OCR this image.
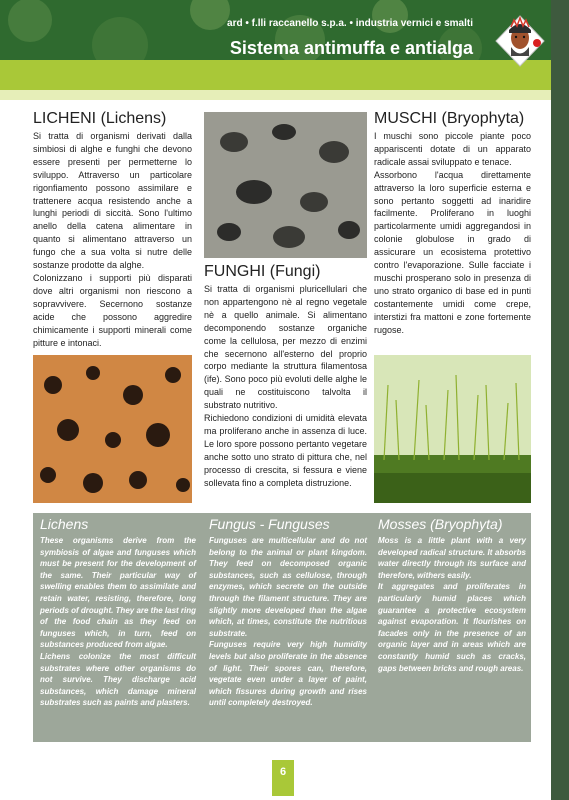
ard • f.lli raccanello s.p.a. • industria vernici e smalti
Sistema antimuffa e antialga
LICHENI (Lichens)

Si tratta di organismi derivati dalla simbiosi di alghe e funghi che devono essere presenti per permetterne lo sviluppo. Attraverso un particolare rigonfiamento possono assimilare e trattenere acqua resistendo anche a lunghi periodi di siccità. Sono l'ultimo anello della catena alimentare in quanto si alimentano attraverso un fungo che a sua volta si nutre delle sostanze prodotte da alghe.

Colonizzano i supporti più disparati dove altri organismi non riescono a sopravvivere. Secernono sostanze acide che possono aggredire chimicamente i supporti minerali come pitture e intonaci.

FUNGHI (Fungi)

Si tratta di organismi pluricellulari che non appartengono nè al regno vegetale nè a quello animale. Si alimentano decomponendo sostanze organiche come la cellulosa, per mezzo di enzimi che secernono all'esterno del proprio corpo mediante la struttura filamentosa (ife). Sono poco più evoluti delle alghe le quali ne costituiscono talvolta il substrato nutritivo.

Richiedono condizioni di umidità elevata ma proliferano anche in assenza di luce. Le loro spore possono pertanto vegetare anche sotto uno strato di pittura che, nel processo di crescita, si fessura e viene sollevata fino a completa distruzione.

MUSCHI (Bryophyta)

I muschi sono piccole piante poco appariscenti dotate di un apparato radicale assai sviluppato e tenace.

Assorbono l'acqua direttamente attraverso la loro superficie esterna e sono pertanto soggetti ad inaridire facilmente. Proliferano in luoghi particolarmente umidi aggregandosi in colonie globulose in grado di assicurare un ecosistema protettivo contro l'evaporazione. Sulle facciate i muschi prosperano solo in presenza di uno strato organico di base ed in punti costantemente umidi come crepe, interstizi fra mattoni e zone fortemente rugose.

Lichens

These organisms derive from the symbiosis of algae and funguses which must be present for the development of the same. Their particular way of swelling enables them to assimilate and retain water, resisting, therefore, long periods of drought. They are the last ring of the food chain as they feed on funguses which, in turn, feed on substances produced from algae.

Lichens colonize the most difficult substrates where other organisms do not survive. They discharge acid substances, which damage mineral substrates such as paints and plasters.

Fungus - Funguses

Funguses are multicellular and do not belong to the animal or plant kingdom. They feed on decomposed organic substances, such as cellulose, through enzymes, which secrete on the outside through the filament structure. They are slightly more developed than the algae which, at times, constitute the nutritious substrate.

Funguses require very high humidity levels but also proliferate in the absence of light. Their spores can, therefore, vegetate even under a layer of paint, which fissures during growth and rises until completely destroyed.

Mosses (Bryophyta)

Moss is a little plant with a very developed radical structure. It absorbs water directly through its surface and therefore, withers easily.

It aggregates and proliferates in particularly humid places which guarantee a protective ecosystem against evaporation. It flourishes on facades only in the presence of an organic layer and in areas which are constantly humid such as cracks, gaps between bricks and rough areas.

6
